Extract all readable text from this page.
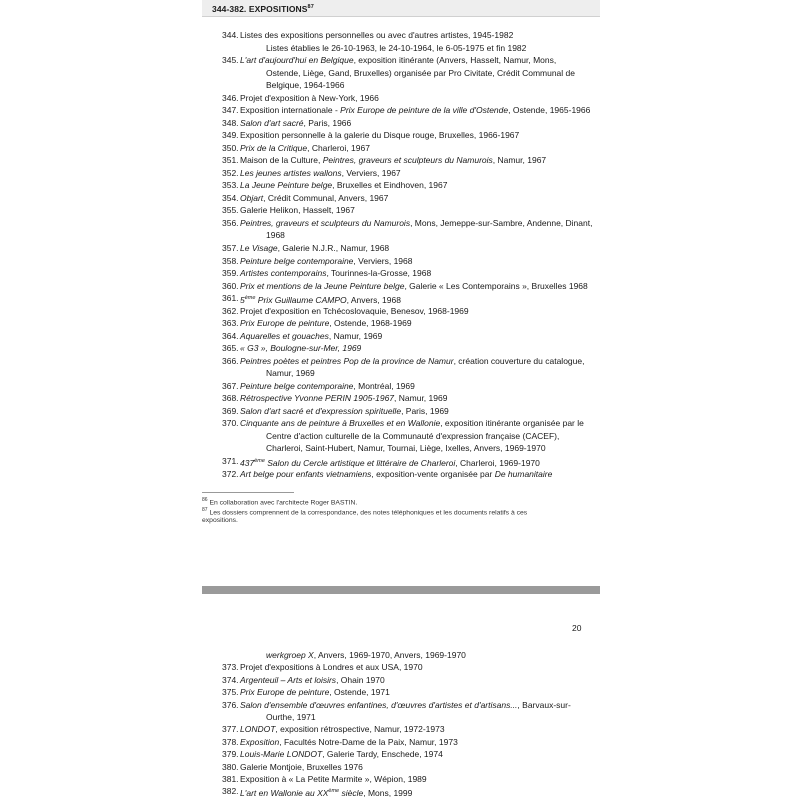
344-382. EXPOSITIONS$^{87}$
344. Listes des expositions personnelles ou avec d'autres artistes, 1945-1982
Listes établies le 26-10-1963, le 24-10-1964, le 6-05-1975 et fin 1982
345. L'art d'aujourd'hui en Belgique, exposition itinérante (Anvers, Hasselt, Namur, Mons,
Ostende, Liège, Gand, Bruxelles) organisée par Pro Civitate, Crédit Communal de
Belgique, 1964-1966
346. Projet d'exposition à New-York, 1966
347. Exposition internationale - Prix Europe de peinture de la ville d'Ostende, Ostende, 1965-1966
348. Salon d'art sacré, Paris, 1966
349. Exposition personnelle à la galerie du Disque rouge, Bruxelles, 1966-1967
350. Prix de la Critique, Charleroi, 1967
351. Maison de la Culture, Peintres, graveurs et sculpteurs du Namurois, Namur, 1967
352. Les jeunes artistes wallons, Verviers, 1967
353. La Jeune Peinture belge, Bruxelles et Eindhoven, 1967
354. Objart, Crédit Communal, Anvers, 1967
355. Galerie Helikon, Hasselt, 1967
356. Peintres, graveurs et sculpteurs du Namurois, Mons, Jemeppe-sur-Sambre, Andenne, Dinant,
1968
357. Le Visage, Galerie N.J.R., Namur, 1968
358. Peinture belge contemporaine, Verviers, 1968
359. Artistes contemporains, Tourinnes-la-Grosse, 1968
360. Prix et mentions de la Jeune Peinture belge, Galerie « Les Contemporains », Bruxelles 1968
361. 5ème Prix Guillaume CAMPO, Anvers, 1968
362. Projet d'exposition en Tchécoslovaquie, Benesov, 1968-1969
363. Prix Europe de peinture, Ostende, 1968-1969
364. Aquarelles et gouaches, Namur, 1969
365. « G3 », Boulogne-sur-Mer, 1969
366. Peintres poètes et peintres Pop de la province de Namur, création couverture du catalogue,
Namur, 1969
367. Peinture belge contemporaine, Montréal, 1969
368. Rétrospective Yvonne PERIN 1905-1967, Namur, 1969
369. Salon d'art sacré et d'expression spirituelle, Paris, 1969
370. Cinquante ans de peinture à Bruxelles et en Wallonie, exposition itinérante organisée par le
Centre d'action culturelle de la Communauté d'expression française (CACEF),
Charleroi, Saint-Hubert, Namur, Tournai, Liège, Ixelles, Anvers, 1969-1970
371. 437ème Salon du Cercle artistique et littéraire de Charleroi, Charleroi, 1969-1970
372. Art belge pour enfants vietnamiens, exposition-vente organisée par De humanitaire
$^{86}$ En collaboration avec l'architecte Roger BASTIN.
$^{87}$ Les dossiers comprennent de la correspondance, des notes téléphoniques et les documents relatifs à ces
expositions.
20
werkgroep X, Anvers, 1969-1970, Anvers, 1969-1970
373. Projet d'expositions à Londres et aux USA, 1970
374. Argenteuil – Arts et loisirs, Ohain 1970
375. Prix Europe de peinture, Ostende, 1971
376. Salon d'ensemble d'œuvres enfantines, d'œuvres d'artistes et d'artisans..., Barvaux-sur-
Ourthe, 1971
377. LONDOT, exposition rétrospective, Namur, 1972-1973
378. Exposition, Facultés Notre-Dame de la Paix, Namur, 1973
379. Louis-Marie LONDOT, Galerie Tardy, Enschede, 1974
380. Galerie Montjoie, Bruxelles 1976
381. Exposition à « La Petite Marmite », Wépion, 1989
382. L'art en Wallonie au XXème siècle, Mons, 1999
